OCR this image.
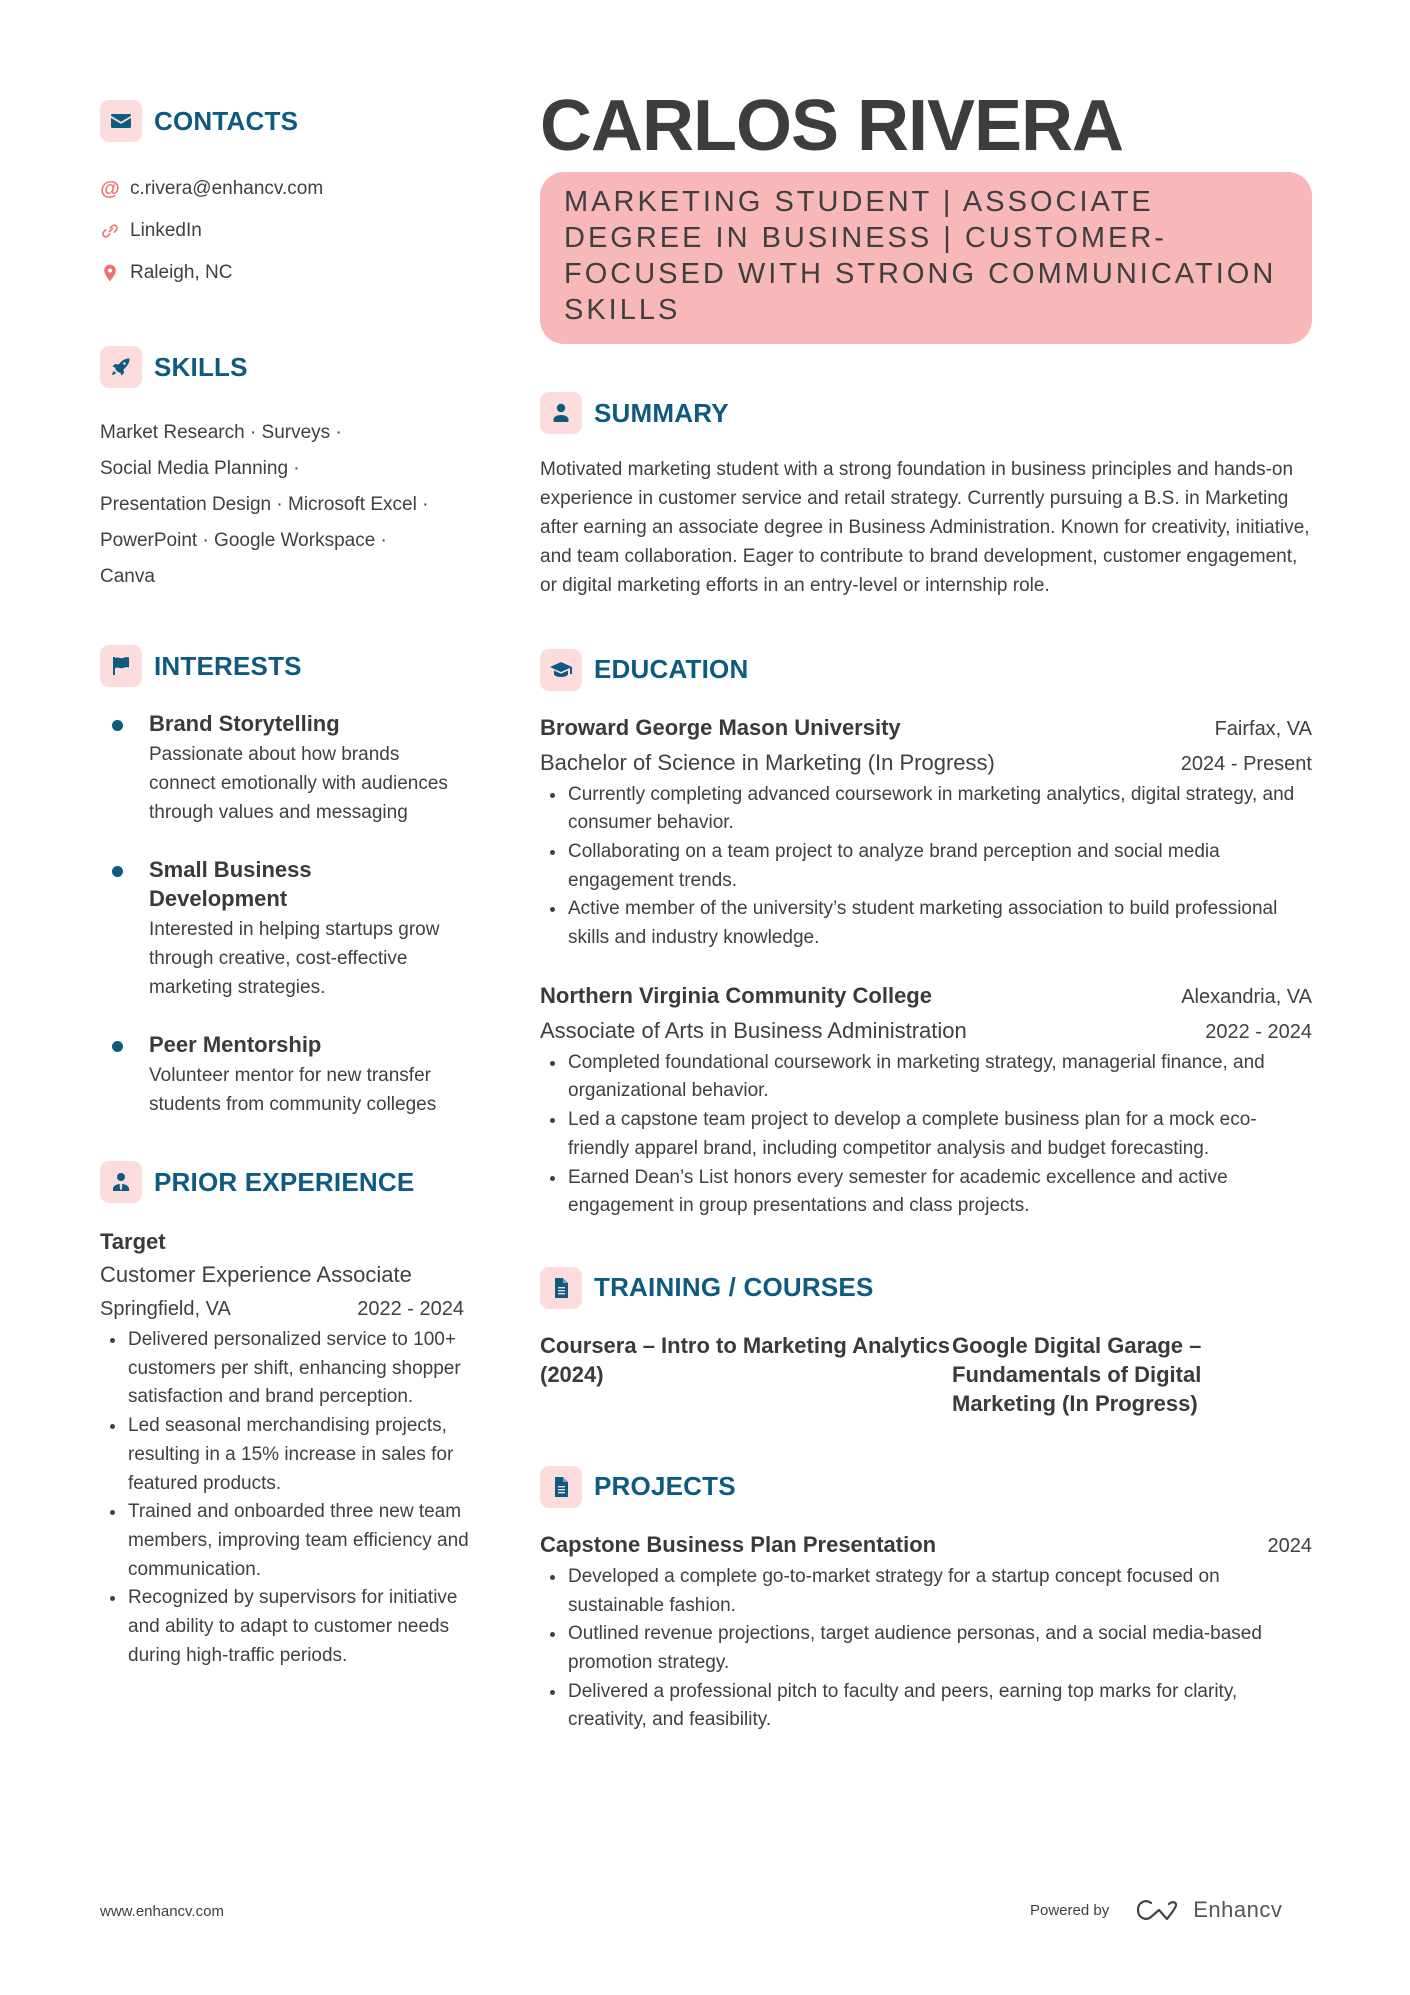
CONTACTS
@ c.rivera@enhancv.com
LinkedIn
Raleigh, NC
SKILLS
Market Research · Surveys ·
Social Media Planning ·
Presentation Design · Microsoft Excel ·
PowerPoint · Google Workspace ·
Canva
INTERESTS
Brand Storytelling
Passionate about how brands connect emotionally with audiences through values and messaging
Small Business Development
Interested in helping startups grow through creative, cost-effective marketing strategies.
Peer Mentorship
Volunteer mentor for new transfer students from community colleges
PRIOR EXPERIENCE
Target
Customer Experience Associate
Springfield, VA	2022 - 2024
Delivered personalized service to 100+ customers per shift, enhancing shopper satisfaction and brand perception.
Led seasonal merchandising projects, resulting in a 15% increase in sales for featured products.
Trained and onboarded three new team members, improving team efficiency and communication.
Recognized by supervisors for initiative and ability to adapt to customer needs during high-traffic periods.
CARLOS RIVERA
MARKETING STUDENT | ASSOCIATE DEGREE IN BUSINESS | CUSTOMER-FOCUSED WITH STRONG COMMUNICATION SKILLS
SUMMARY

Motivated marketing student with a strong foundation in business principles and hands-on experience in customer service and retail strategy. Currently pursuing a B.S. in Marketing after earning an associate degree in Business Administration. Known for creativity, initiative, and team collaboration. Eager to contribute to brand development, customer engagement, or digital marketing efforts in an entry-level or internship role.

EDUCATION
Broward George Mason University	Fairfax, VA
Bachelor of Science in Marketing (In Progress)	2024 - Present
Currently completing advanced coursework in marketing analytics, digital strategy, and consumer behavior.
Collaborating on a team project to analyze brand perception and social media engagement trends.
Active member of the university’s student marketing association to build professional skills and industry knowledge.
Northern Virginia Community College	Alexandria, VA
Associate of Arts in Business Administration	2022 - 2024
Completed foundational coursework in marketing strategy, managerial finance, and organizational behavior.
Led a capstone team project to develop a complete business plan for a mock eco-friendly apparel brand, including competitor analysis and budget forecasting.
Earned Dean’s List honors every semester for academic excellence and active engagement in group presentations and class projects.
TRAINING / COURSES
Coursera – Intro to Marketing Analytics (2024)
Google Digital Garage – Fundamentals of Digital Marketing (In Progress)
PROJECTS
Capstone Business Plan Presentation	2024
Developed a complete go-to-market strategy for a startup concept focused on sustainable fashion.
Outlined revenue projections, target audience personas, and a social media-based promotion strategy.
Delivered a professional pitch to faculty and peers, earning top marks for clarity, creativity, and feasibility.
www.enhancv.com	Powered by	Enhancv
